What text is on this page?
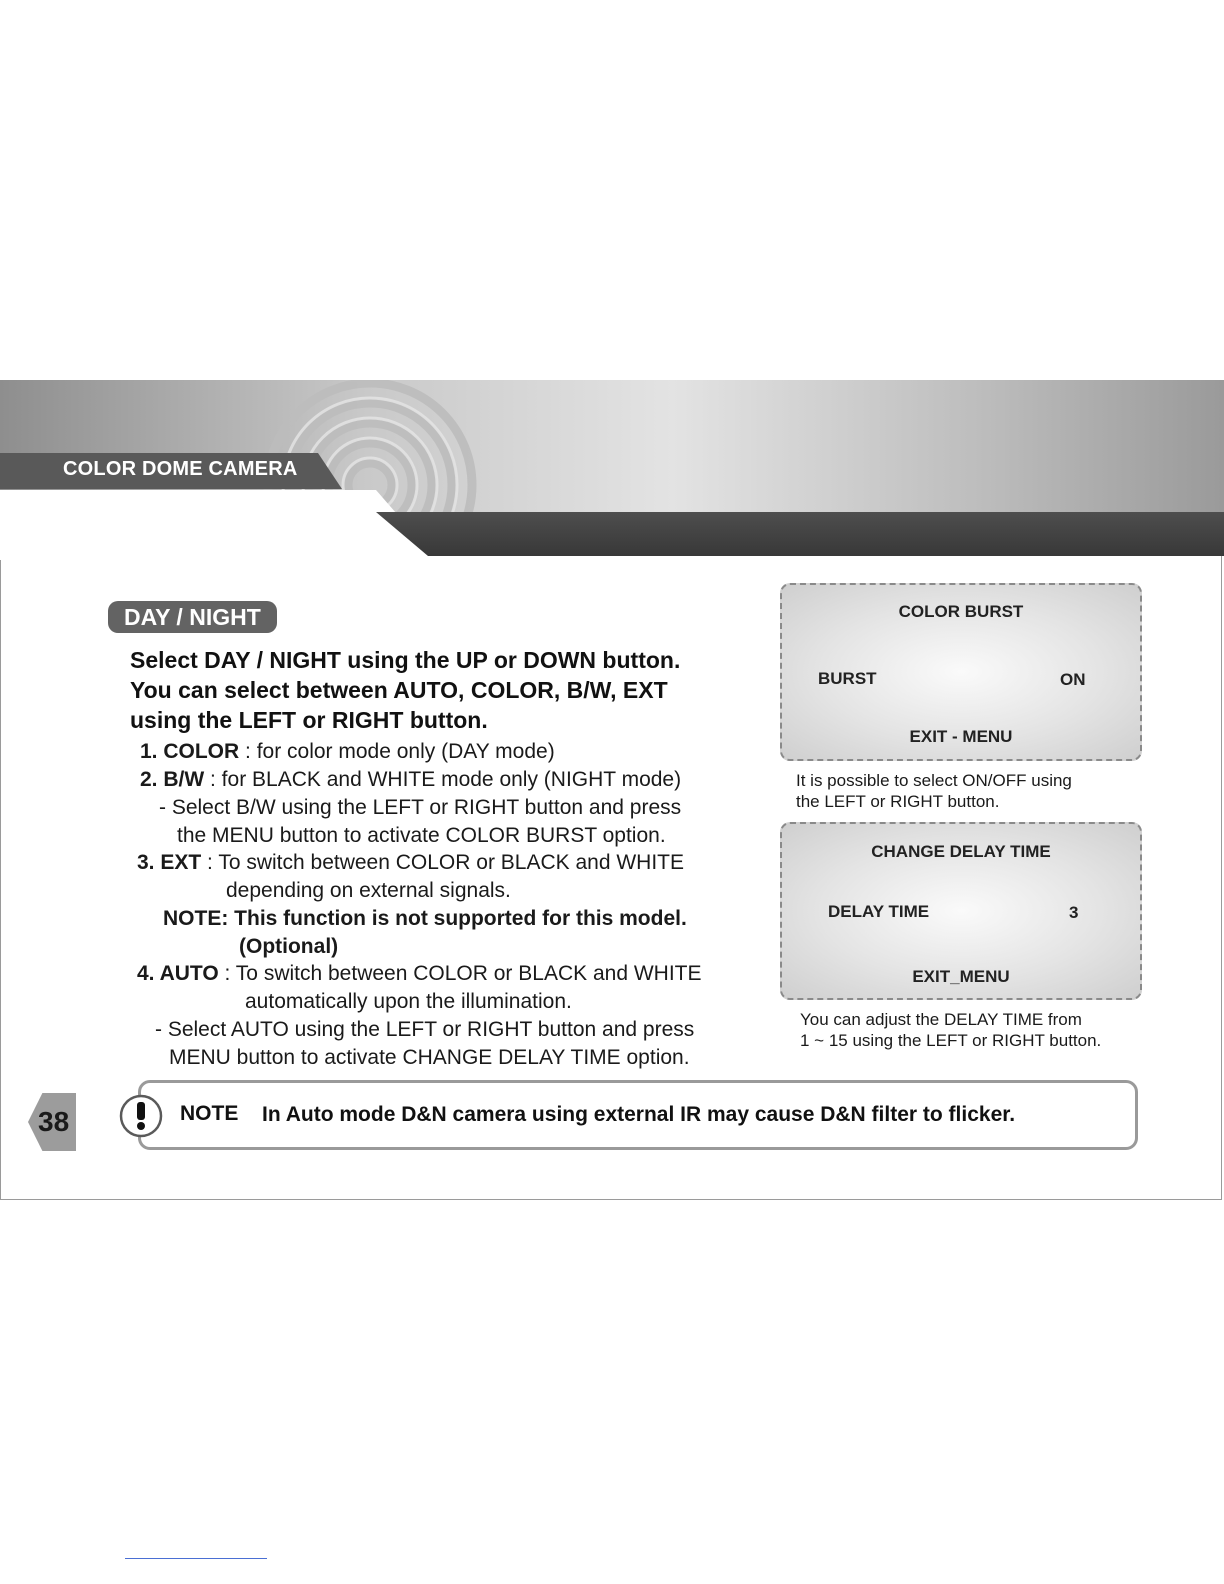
COLOR DOME CAMERA
DAY / NIGHT
Select DAY / NIGHT using the UP or DOWN button.
You can select between AUTO, COLOR, B/W, EXT
using the LEFT or RIGHT button.
1. COLOR : for color mode only (DAY mode)
2. B/W : for BLACK and WHITE mode only (NIGHT mode)
- Select B/W using the LEFT or RIGHT button and press
the MENU button to activate COLOR BURST option.
3. EXT : To switch between COLOR or BLACK and WHITE
depending on external signals.
NOTE: This function is not supported for this model.
(Optional)
4. AUTO : To switch between COLOR or BLACK and WHITE
automatically upon the illumination.
- Select AUTO using the LEFT or RIGHT button and press
MENU button to activate CHANGE DELAY TIME option.
COLOR BURST
BURST	ON
EXIT - MENU
It is possible to select ON/OFF using
the LEFT or RIGHT button.
CHANGE DELAY TIME
DELAY TIME	3
EXIT_MENU
You can adjust the DELAY TIME from
1 ~ 15 using the LEFT or RIGHT button.
38	NOTE In Auto mode D&N camera using external IR may cause D&N filter to flicker.
